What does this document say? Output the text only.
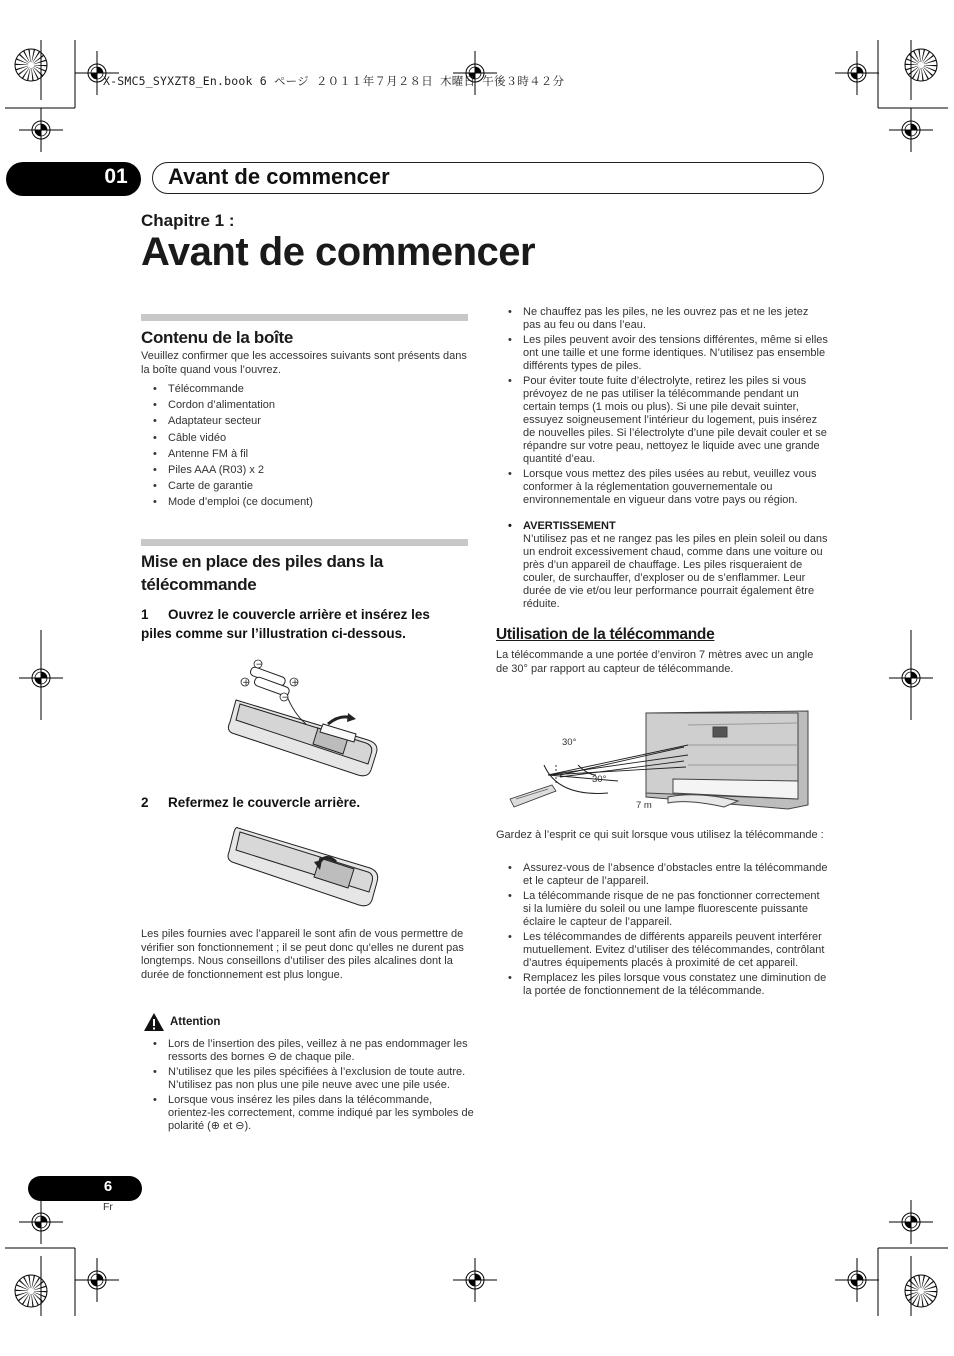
X-SMC5_SYXZT8_En.book 6 ページ ２０１１年７月２８日 木曜日 午後３時４２分
01	Avant de commencer
Chapitre 1 :
Avant de commencer
Contenu de la boîte
Veuillez confirmer que les accessoires suivants sont présents dans la boîte quand vous l’ouvrez.
• Télécommande
• Cordon d’alimentation
• Adaptateur secteur
• Câble vidéo
• Antenne FM à fil
• Piles AAA (R03) x 2
• Carte de garantie
• Mode d’emploi (ce document)
Mise en place des piles dans la télécommande
1	Ouvrez le couvercle arrière et insérez les piles comme sur l’illustration ci-dessous.
−
+	+
−
2 Refermez le couvercle arrière.
Les piles fournies avec l’appareil le sont afin de vous permettre de vérifier son fonctionnement ; il se peut donc qu’elles ne durent pas longtemps. Nous conseillons d’utiliser des piles alcalines dont la durée de fonctionnement est plus longue.
Attention
• Lors de l’insertion des piles, veillez à ne pas endommager les ressorts des bornes ⊖ de chaque pile.
• N’utilisez que les piles spécifiées à l’exclusion de toute autre. N’utilisez pas non plus une pile neuve avec une pile usée.
• Lorsque vous insérez les piles dans la télécommande, orientez-les correctement, comme indiqué par les symboles de polarité (⊕ et ⊖).
• Ne chauffez pas les piles, ne les ouvrez pas et ne les jetez pas au feu ou dans l’eau.
• Les piles peuvent avoir des tensions différentes, même si elles ont une taille et une forme identiques. N’utilisez pas ensemble différents types de piles.
• Pour éviter toute fuite d’électrolyte, retirez les piles si vous prévoyez de ne pas utiliser la télécommande pendant un certain temps (1 mois ou plus). Si une pile devait suinter, essuyez soigneusement l’intérieur du logement, puis insérez de nouvelles piles. Si l’électrolyte d’une pile devait couler et se répandre sur votre peau, nettoyez le liquide avec une grande quantité d’eau.
• Lorsque vous mettez des piles usées au rebut, veuillez vous conformer à la réglementation gouvernementale ou environnementale en vigueur dans votre pays ou région.
• AVERTISSEMENT
N’utilisez pas et ne rangez pas les piles en plein soleil ou dans un endroit excessivement chaud, comme dans une voiture ou près d’un appareil de chauffage. Les piles risqueraient de couler, de surchauffer, d’exploser ou de s’enflammer. Leur durée de vie et/ou leur performance pourrait également être réduite.
Utilisation de la télécommande
La télécommande a une portée d’environ 7 mètres avec un angle de 30° par rapport au capteur de télécommande.
30°
30°
7 m
Gardez à l’esprit ce qui suit lorsque vous utilisez la télécommande :
• Assurez-vous de l’absence d’obstacles entre la télécommande et le capteur de l’appareil.
• La télécommande risque de ne pas fonctionner correctement si la lumière du soleil ou une lampe fluorescente puissante éclaire le capteur de l’appareil.
• Les télécommandes de différents appareils peuvent interférer mutuellement. Evitez d’utiliser des télécommandes, contrôlant d’autres équipements placés à proximité de cet appareil.
• Remplacez les piles lorsque vous constatez une diminution de la portée de fonctionnement de la télécommande.
6
Fr
